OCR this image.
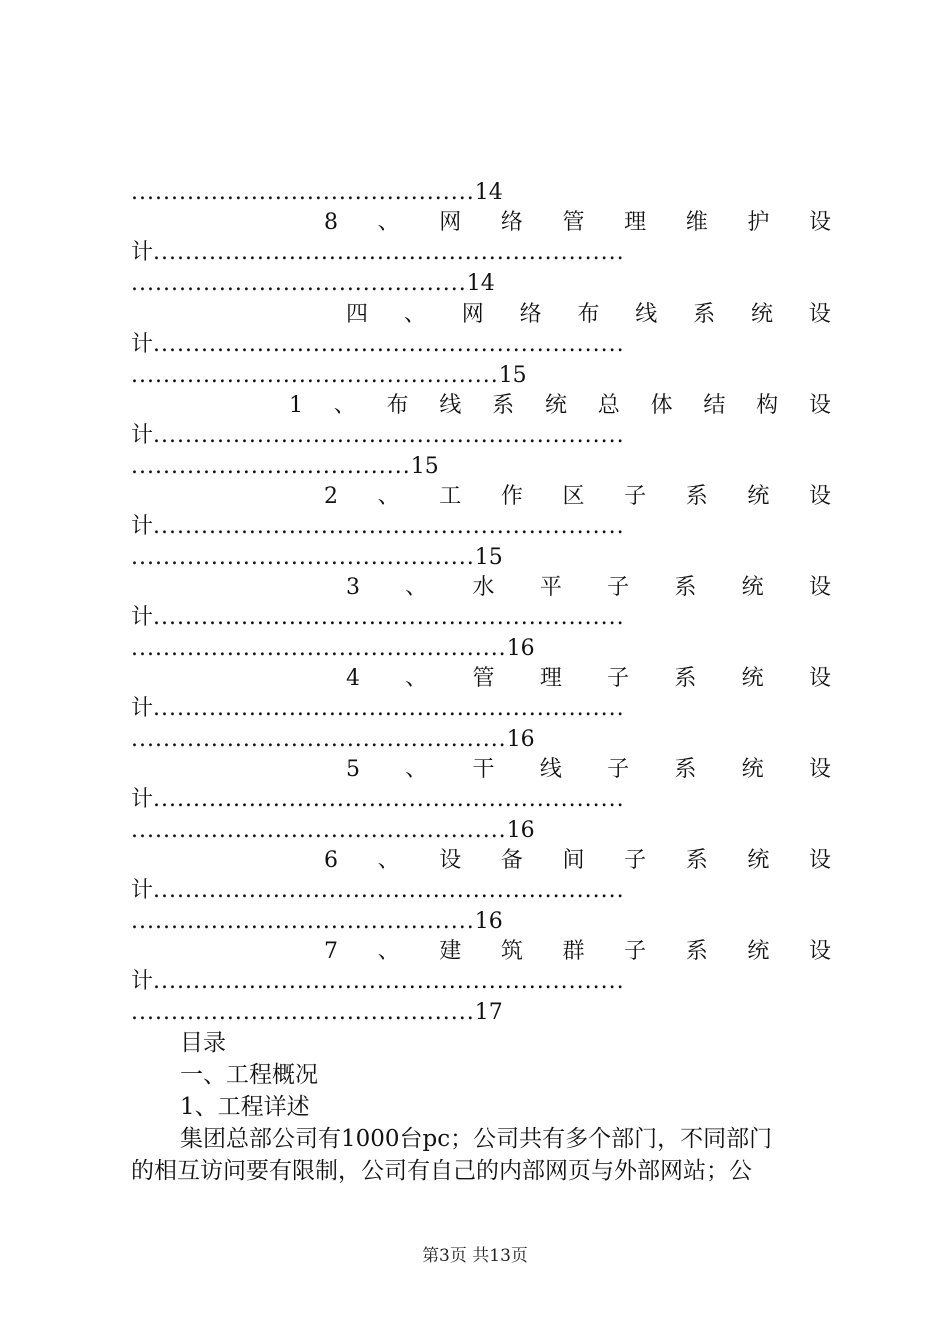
...........................................14
8 、 网 络 管 理 维 护 设
计...........................................................
..........................................14
四 、 网 络 布 线 系 统 设
计...........................................................
..............................................15
1 、 布 线 系 统 总 体 结 构 设
计...........................................................
...................................15
2 、 工 作 区 子 系 统 设
计...........................................................
...........................................15
3 、 水 平 子 系 统 设
计...........................................................
...............................................16
4 、 管 理 子 系 统 设
计...........................................................
...............................................16
5 、 干 线 子 系 统 设
计...........................................................
...............................................16
6 、 设 备 间 子 系 统 设
计...........................................................
...........................................16
7 、 建 筑 群 子 系 统 设
计...........................................................
...........................................17
目录
一、工程概况
1、工程详述
集团总部公司有1000台pc；公司共有多个部门，不同部门
的相互访问要有限制，公司有自己的内部网页与外部网站；公
第3页 共13页
